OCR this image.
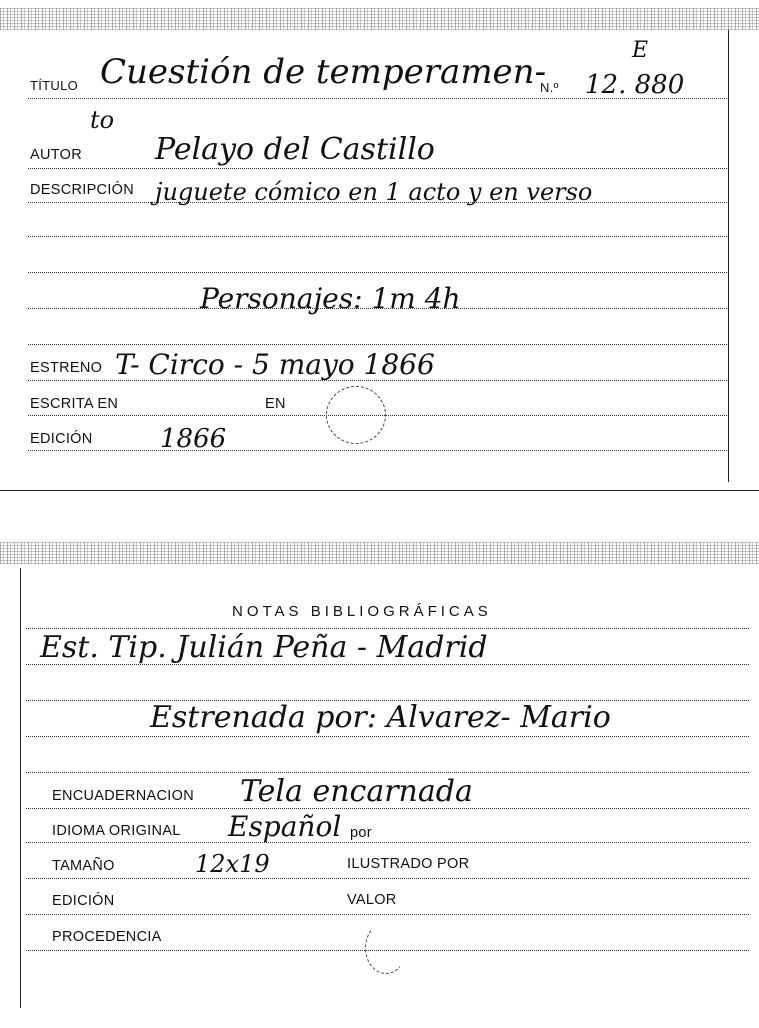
TÍTULO Cuestión de temperamen-
N.º 12. 880
E
to
AUTOR Pelayo del Castillo
DESCRIPCIÓN juguete cómico en 1 acto y en verso
Personajes: 1m 4h
ESTRENO T- Circo - 5 mayo 1866
ESCRITA EN	EN
EDICIÓN	1866
NOTAS BIBLIOGRÁFICAS
Est. Tip. Julián Peña - Madrid
Estrenada por: Alvarez- Mario
ENCUADERNACION Tela encarnada
IDIOMA ORIGINAL Español por
TAMAÑO	12x19	ILUSTRADO POR
EDICIÓN	VALOR
PROCEDENCIA
